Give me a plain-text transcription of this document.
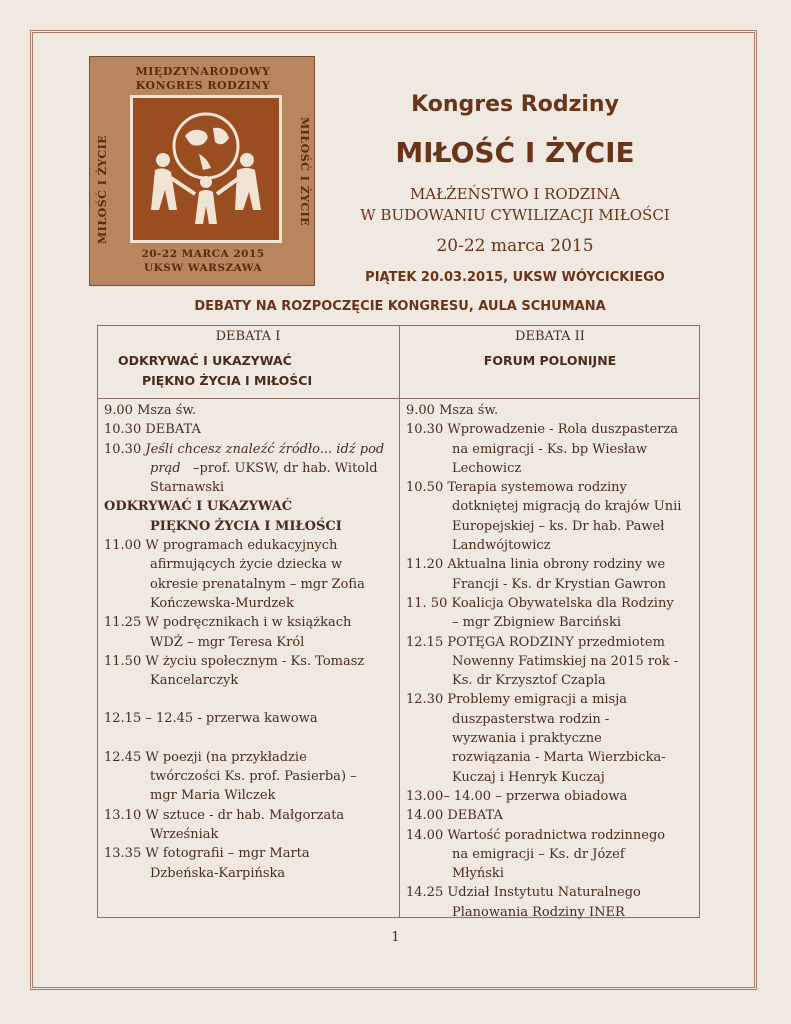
MIĘDZYNARODOWY
KONGRES RODZINY
MIŁOŚĆ I ŻYCIE	MIŁOŚĆ I ŻYCIE
20-22 MARCA 2015
UKSW WARSZAWA
Kongres Rodziny
MIŁOŚĆ I ŻYCIE
MAŁŻEŃSTWO I RODZINA
W BUDOWANIU CYWILIZACJI MIŁOŚCI
20-22 marca 2015
PIĄTEK 20.03.2015, UKSW WÓYCICKIEGO
DEBATY NA ROZPOCZĘCIE KONGRESU, AULA SCHUMANA
DEBATA I
ODKRYWAĆ I UKAZYWAĆ
PIĘKNO ŻYCIA I MIŁOŚCI
DEBATA II
FORUM POLONIJNE
9.00 Msza św.
10.30 DEBATA
10.30 Jeśli chcesz znaleźć źródło... idź pod
prąd –prof. UKSW, dr hab. Witold
Starnawski
ODKRYWAĆ I UKAZYWAĆ
PIĘKNO ŻYCIA I MIŁOŚCI
11.00 W programach edukacyjnych
afirmujących życie dziecka w
okresie prenatalnym – mgr Zofia
Kończewska-Murdzek
11.25 W podręcznikach i w książkach
WDŻ – mgr Teresa Król
11.50 W życiu społecznym - Ks. Tomasz
Kancelarczyk
12.15 – 12.45 - przerwa kawowa
12.45 W poezji (na przykładzie
twórczości Ks. prof. Pasierba) –
mgr Maria Wilczek
13.10 W sztuce - dr hab. Małgorzata
Wrześniak
13.35 W fotografii – mgr Marta
Dzbeńska-Karpińska
9.00 Msza św.
10.30 Wprowadzenie - Rola duszpasterza
na emigracji - Ks. bp Wiesław
Lechowicz
10.50 Terapia systemowa rodziny
dotkniętej migracją do krajów Unii
Europejskiej – ks. Dr hab. Paweł
Landwójtowicz
11.20 Aktualna linia obrony rodziny we
Francji - Ks. dr Krystian Gawron
11. 50 Koalicja Obywatelska dla Rodziny
– mgr Zbigniew Barciński
12.15 POTĘGA RODZINY przedmiotem
Nowenny Fatimskiej na 2015 rok -
Ks. dr Krzysztof Czapla
12.30 Problemy emigracji a misja
duszpasterstwa rodzin -
wyzwania i praktyczne
rozwiązania - Marta Wierzbicka-
Kuczaj i Henryk Kuczaj
13.00– 14.00 – przerwa obiadowa
14.00 DEBATA
14.00 Wartość poradnictwa rodzinnego
na emigracji – Ks. dr Józef
Młyński
14.25 Udział Instytutu Naturalnego
Planowania Rodziny INER
1
